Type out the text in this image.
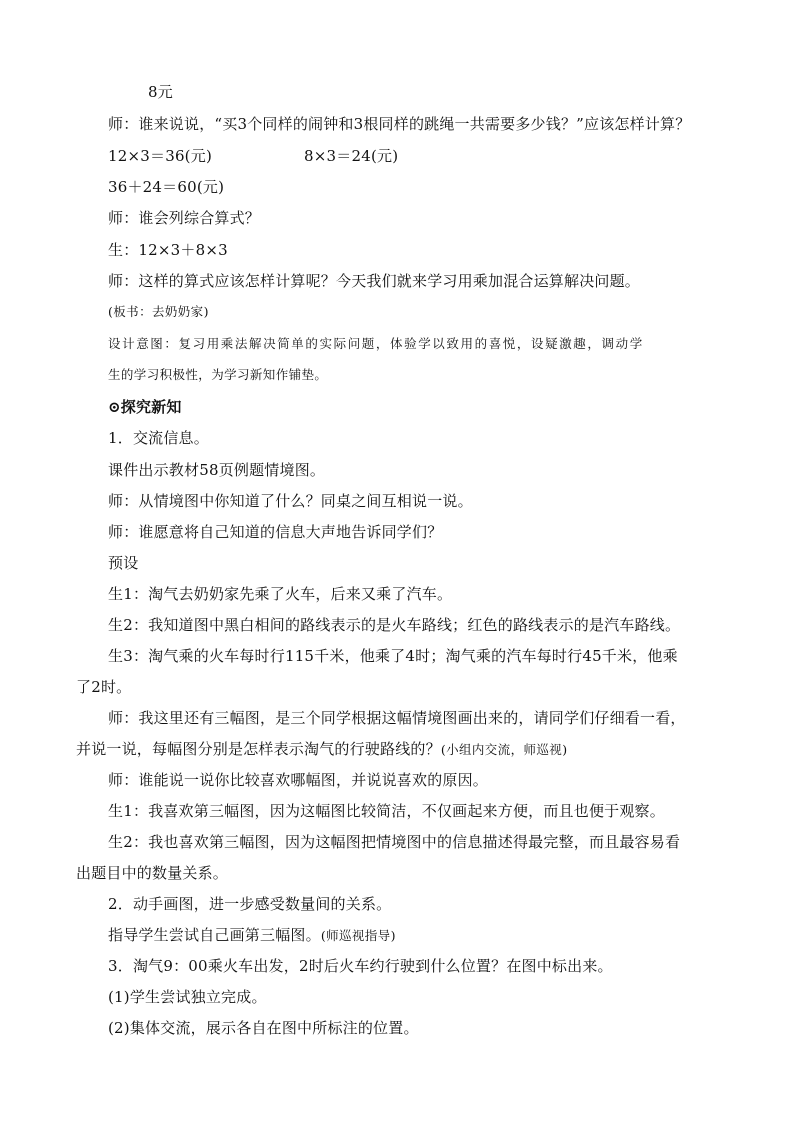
8元
师：谁来说说，“买3个同样的闹钟和3根同样的跳绳一共需要多少钱？”应该怎样计算？
12×3＝36(元)	8×3＝24(元)
36＋24＝60(元)
师：谁会列综合算式？
生：12×3＋8×3
师：这样的算式应该怎样计算呢？今天我们就来学习用乘加混合运算解决问题。
(板书：去奶奶家)
设计意图：复习用乘法解决简单的实际问题，体验学以致用的喜悦，设疑激趣，调动学
生的学习积极性，为学习新知作铺垫。
⊙探究新知
1．交流信息。
课件出示教材58页例题情境图。
师：从情境图中你知道了什么？同桌之间互相说一说。
师：谁愿意将自己知道的信息大声地告诉同学们？
预设
生1：淘气去奶奶家先乘了火车，后来又乘了汽车。
生2：我知道图中黑白相间的路线表示的是火车路线；红色的路线表示的是汽车路线。
生3：淘气乘的火车每时行115千米，他乘了4时；淘气乘的汽车每时行45千米，他乘
了2时。
师：我这里还有三幅图，是三个同学根据这幅情境图画出来的，请同学们仔细看一看，
并说一说，每幅图分别是怎样表示淘气的行驶路线的？(小组内交流，师巡视)
师：谁能说一说你比较喜欢哪幅图，并说说喜欢的原因。
生1：我喜欢第三幅图，因为这幅图比较简洁，不仅画起来方便，而且也便于观察。
生2：我也喜欢第三幅图，因为这幅图把情境图中的信息描述得最完整，而且最容易看
出题目中的数量关系。
2．动手画图，进一步感受数量间的关系。
指导学生尝试自己画第三幅图。(师巡视指导)
3．淘气9：00乘火车出发，2时后火车约行驶到什么位置？在图中标出来。
(1)学生尝试独立完成。
(2)集体交流，展示各自在图中所标注的位置。
